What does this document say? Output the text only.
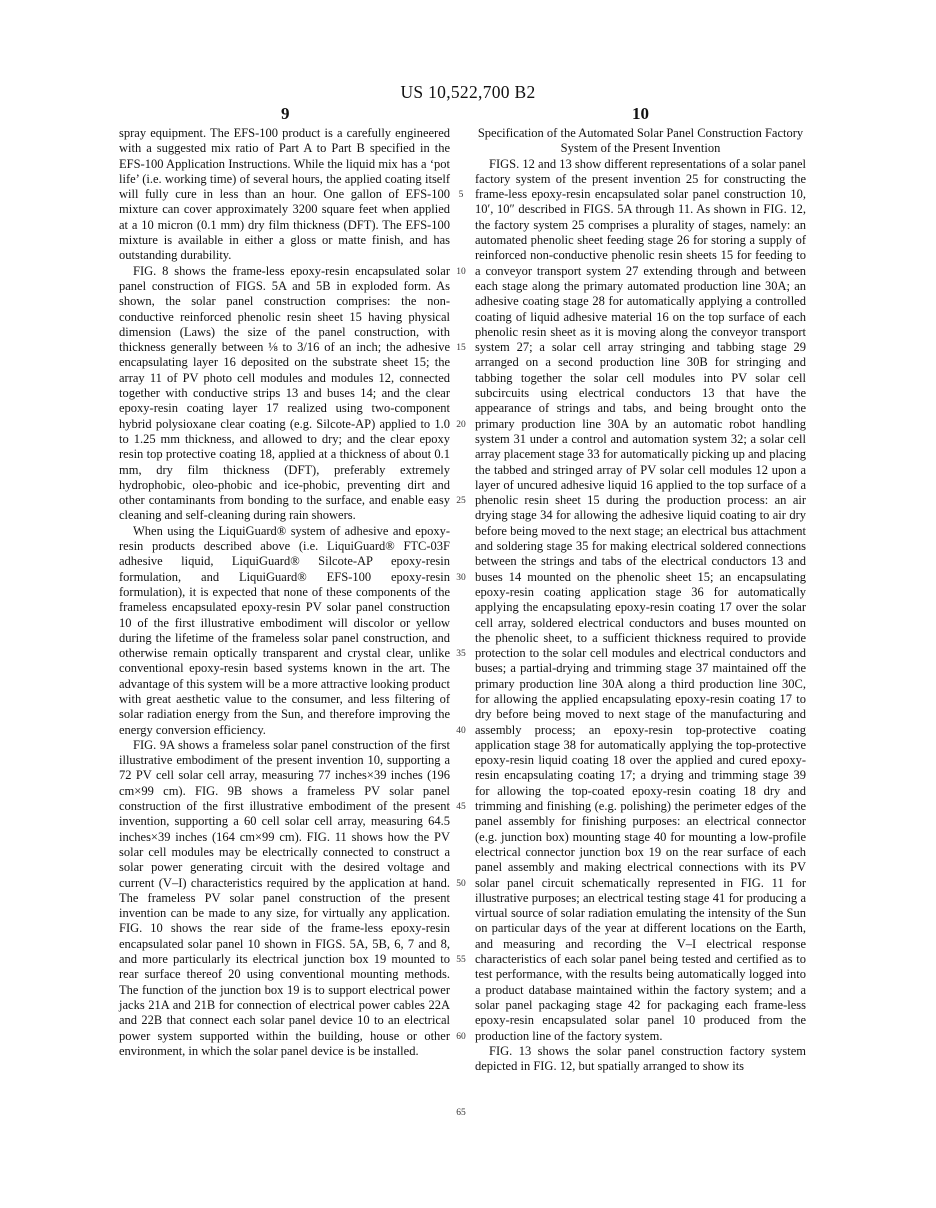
US 10,522,700 B2
9	10

spray equipment. The EFS-100 product is a carefully engineered with a suggested mix ratio of Part A to Part B specified in the EFS-100 Application Instructions. While the liquid mix has a ‘pot life’ (i.e. working time) of several hours, the applied coating itself will fully cure in less than an hour. One gallon of EFS-100 mixture can cover approximately 3200 square feet when applied at a 10 micron (0.1 mm) dry film thickness (DFT). The EFS-100 mixture is available in either a gloss or matte finish, and has outstanding durability.

FIG. 8 shows the frame-less epoxy-resin encapsulated solar panel construction of FIGS. 5A and 5B in exploded form. As shown, the solar panel construction comprises: the non-conductive reinforced phenolic resin sheet 15 having physical dimension (Laws) the size of the panel construction, with thickness generally between ⅛ to 3/16 of an inch; the adhesive encapsulating layer 16 deposited on the substrate sheet 15; the array 11 of PV photo cell modules and modules 12, connected together with conductive strips 13 and buses 14; and the clear epoxy-resin coating layer 17 realized using two-component hybrid polysioxane clear coating (e.g. Silcote-AP) applied to 1.0 to 1.25 mm thickness, and allowed to dry; and the clear epoxy resin top protective coating 18, applied at a thickness of about 0.1 mm, dry film thickness (DFT), preferably extremely hydrophobic, oleo-phobic and ice-phobic, preventing dirt and other contaminants from bonding to the surface, and enable easy cleaning and self-cleaning during rain showers.

When using the LiquiGuard® system of adhesive and epoxy-resin products described above (i.e. LiquiGuard® FTC-03F adhesive liquid, LiquiGuard® Silcote-AP epoxy-resin formulation, and LiquiGuard® EFS-100 epoxy-resin formulation), it is expected that none of these components of the frameless encapsulated epoxy-resin PV solar panel construction 10 of the first illustrative embodiment will discolor or yellow during the lifetime of the frameless solar panel construction, and otherwise remain optically transparent and crystal clear, unlike conventional epoxy-resin based systems known in the art. The advantage of this system will be a more attractive looking product with great aesthetic value to the consumer, and less filtering of solar radiation energy from the Sun, and therefore improving the energy conversion efficiency.

FIG. 9A shows a frameless solar panel construction of the first illustrative embodiment of the present invention 10, supporting a 72 PV cell solar cell array, measuring 77 inches×39 inches (196 cm×99 cm). FIG. 9B shows a frameless PV solar panel construction of the first illustrative embodiment of the present invention, supporting a 60 cell solar cell array, measuring 64.5 inches×39 inches (164 cm×99 cm). FIG. 11 shows how the PV solar cell modules may be electrically connected to construct a solar power generating circuit with the desired voltage and current (V–I) characteristics required by the application at hand. The frameless PV solar panel construction of the present invention can be made to any size, for virtually any application. FIG. 10 shows the rear side of the frame-less epoxy-resin encapsulated solar panel 10 shown in FIGS. 5A, 5B, 6, 7 and 8, and more particularly its electrical junction box 19 mounted to rear surface thereof 20 using conventional mounting methods. The function of the junction box 19 is to support electrical power jacks 21A and 21B for connection of electrical power cables 22A and 22B that connect each solar panel device 10 to an electrical power system supported within the building, house or other environment, in which the solar panel device is be installed.

5
10
15
20
25
30
35
40
45
50
55
60
65

Specification of the Automated Solar Panel Construction Factory System of the Present Invention

FIGS. 12 and 13 show different representations of a solar panel factory system of the present invention 25 for constructing the frame-less epoxy-resin encapsulated solar panel construction 10, 10′, 10″ described in FIGS. 5A through 11. As shown in FIG. 12, the factory system 25 comprises a plurality of stages, namely: an automated phenolic sheet feeding stage 26 for storing a supply of reinforced non-conductive phenolic resin sheets 15 for feeding to a conveyor transport system 27 extending through and between each stage along the primary automated production line 30A; an adhesive coating stage 28 for automatically applying a controlled coating of liquid adhesive material 16 on the top surface of each phenolic resin sheet as it is moving along the conveyor transport system 27; a solar cell array stringing and tabbing stage 29 arranged on a second production line 30B for stringing and tabbing together the solar cell modules into PV solar cell subcircuits using electrical conductors 13 that have the appearance of strings and tabs, and being brought onto the primary production line 30A by an automatic robot handling system 31 under a control and automation system 32; a solar cell array placement stage 33 for automatically picking up and placing the tabbed and stringed array of PV solar cell modules 12 upon a layer of uncured adhesive liquid 16 applied to the top surface of a phenolic resin sheet 15 during the production process: an air drying stage 34 for allowing the adhesive liquid coating to air dry before being moved to the next stage; an electrical bus attachment and soldering stage 35 for making electrical soldered connections between the strings and tabs of the electrical conductors 13 and buses 14 mounted on the phenolic sheet 15; an encapsulating epoxy-resin coating application stage 36 for automatically applying the encapsulating epoxy-resin coating 17 over the solar cell array, soldered electrical conductors and buses mounted on the phenolic sheet, to a sufficient thickness required to provide protection to the solar cell modules and electrical conductors and buses; a partial-drying and trimming stage 37 maintained off the primary production line 30A along a third production line 30C, for allowing the applied encapsulating epoxy-resin coating 17 to dry before being moved to next stage of the manufacturing and assembly process; an epoxy-resin top-protective coating application stage 38 for automatically applying the top-protective epoxy-resin liquid coating 18 over the applied and cured epoxy-resin encapsulating coating 17; a drying and trimming stage 39 for allowing the top-coated epoxy-resin coating 18 dry and trimming and finishing (e.g. polishing) the perimeter edges of the panel assembly for finishing purposes: an electrical connector (e.g. junction box) mounting stage 40 for mounting a low-profile electrical connector junction box 19 on the rear surface of each panel assembly and making electrical connections with its PV solar panel circuit schematically represented in FIG. 11 for illustrative purposes; an electrical testing stage 41 for producing a virtual source of solar radiation emulating the intensity of the Sun on particular days of the year at different locations on the Earth, and measuring and recording the V–I electrical response characteristics of each solar panel being tested and certified as to test performance, with the results being automatically logged into a product database maintained within the factory system; and a solar panel packaging stage 42 for packaging each frame-less epoxy-resin encapsulated solar panel 10 produced from the production line of the factory system.

FIG. 13 shows the solar panel construction factory system depicted in FIG. 12, but spatially arranged to show its
